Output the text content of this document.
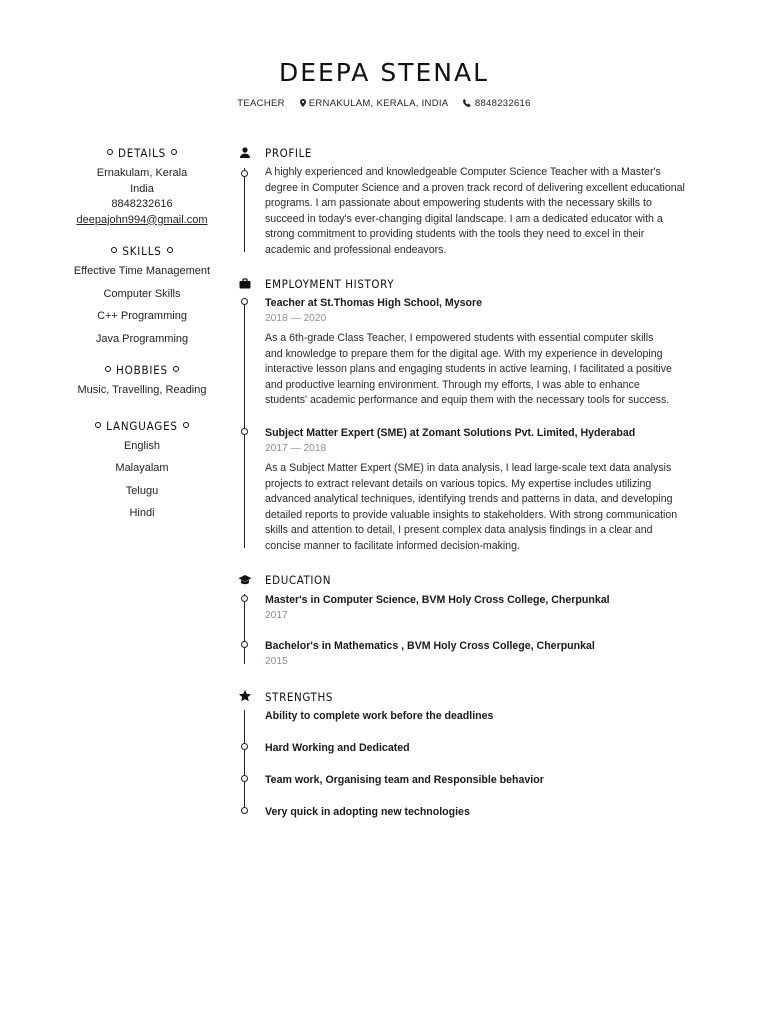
DEEPA STENAL
TEACHER	ERNAKULAM, KERALA, INDIA	8848232616
DETAILS
Ernakulam, Kerala
India
8848232616
deepajohn994@gmail.com
SKILLS
Effective Time Management
Computer Skills
C++ Programming
Java Programming
HOBBIES
Music, Travelling, Reading
LANGUAGES
English
Malayalam
Telugu
Hindi
PROFILE
A highly experienced and knowledgeable Computer Science Teacher with a Master's
degree in Computer Science and a proven track record of delivering excellent educational
programs. I am passionate about empowering students with the necessary skills to
succeed in today's ever-changing digital landscape. I am a dedicated educator with a
strong commitment to providing students with the tools they need to excel in their
academic and professional endeavors.
EMPLOYMENT HISTORY
Teacher at St.Thomas High School, Mysore
2018 — 2020
As a 6th-grade Class Teacher, I empowered students with essential computer skills
and knowledge to prepare them for the digital age. With my experience in developing
interactive lesson plans and engaging students in active learning, I facilitated a positive
and productive learning environment. Through my efforts, I was able to enhance
students' academic performance and equip them with the necessary tools for success.
Subject Matter Expert (SME) at Zomant Solutions Pvt. Limited, Hyderabad
2017 — 2018
As a Subject Matter Expert (SME) in data analysis, I lead large-scale text data analysis
projects to extract relevant details on various topics. My expertise includes utilizing
advanced analytical techniques, identifying trends and patterns in data, and developing
detailed reports to provide valuable insights to stakeholders. With strong communication
skills and attention to detail, I present complex data analysis findings in a clear and
concise manner to facilitate informed decision-making.
EDUCATION
Master's in Computer Science, BVM Holy Cross College, Cherpunkal
2017
Bachelor's in Mathematics , BVM Holy Cross College, Cherpunkal
2015
STRENGTHS
Ability to complete work before the deadlines
Hard Working and Dedicated
Team work, Organising team and Responsible behavior
Very quick in adopting new technologies
